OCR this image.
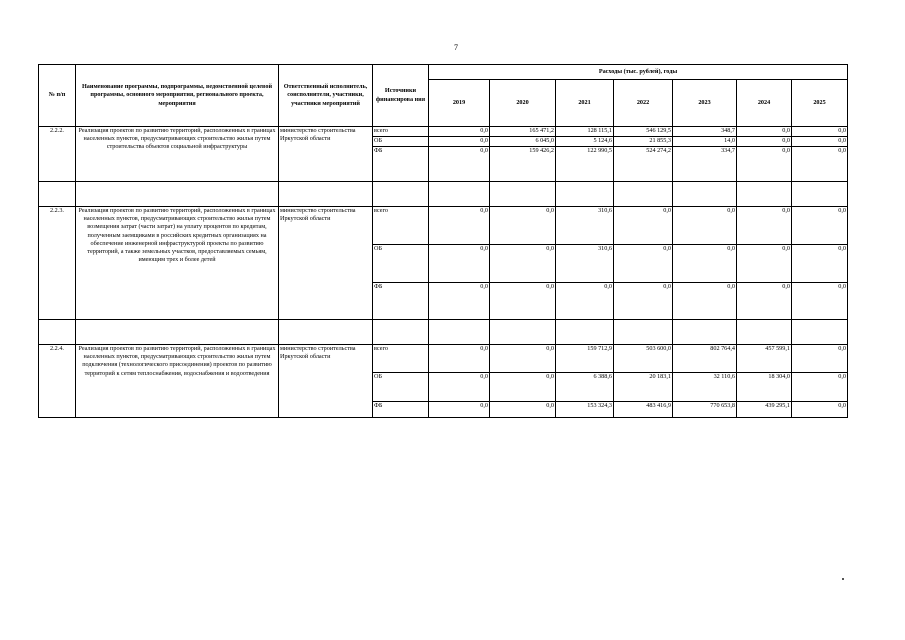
7
№ п/п	Наименование программы, подпрограммы, ведомственной целевой программы, основного мероприятия, регионального проекта, мероприятия	Ответственный исполнитель, соисполнители, участники, участники мероприятий	Источники финансирова ния	Расходы (тыс. рублей), годы						
				2019	2020	2021	2022	2023	2024	2025
2.2.2.	Реализация проектов по развитию территорий, расположенных в границах населенных пунктов, предусматривающих строительство жилья путем строительства объектов социальной инфраструктуры	министерство строительства Иркутской области	всего	0,0	165 471,2	128 115,1	546 129,5	348,7	0,0	0,0
			ОБ	0,0	6 045,0	5 124,6	21 855,3	14,0	0,0	0,0
			ФБ	0,0	159 426,2	122 990,5	524 274,2	334,7	0,0	0,0

2.2.3.	Реализация проектов по развитию территорий, расположенных в границах населенных пунктов, предусматривающих строительство жилья путем возмещения затрат (части затрат) на уплату процентов по кредитам, полученным заемщиками в российских кредитных организациях на обеспечение инженерной инфраструктурой проекты по развитию территорий, а также земельных участков, предоставляемых семьям, имеющим трех и более детей	министерство строительства Иркутской области	всего	0,0	0,0	310,6	0,0	0,0	0,0	0,0
			ОБ	0,0	0,0	310,6	0,0	0,0	0,0	0,0
			ФБ	0,0	0,0	0,0	0,0	0,0	0,0	0,0

2.2.4.	Реализация проектов по развитию территорий, расположенных в границах населенных пунктов, предусматривающих строительство жилья путем подключения (технологического присоединения) проектов по развитию территорий к сетям теплоснабжения, водоснабжения и водоотведения	министерство строительства Иркутской области	всего	0,0	0,0	159 712,9	503 600,0	802 764,4	457 599,1	0,0
			ОБ	0,0	0,0	6 388,6	20 183,1	32 110,6	18 304,0	0,0
			ФБ	0,0	0,0	153 324,3	483 416,9	770 653,8	439 295,1	0,0
